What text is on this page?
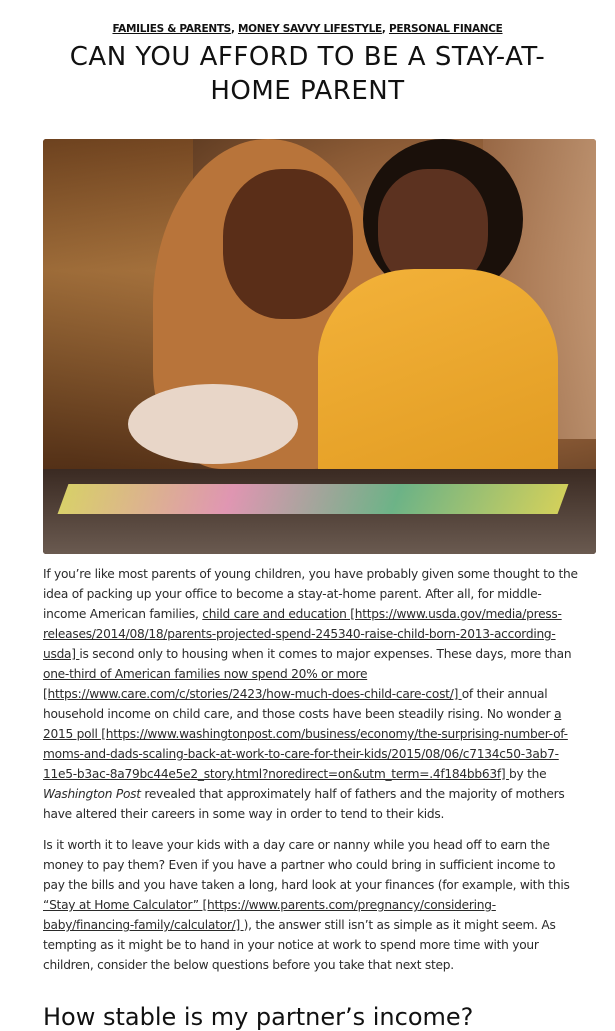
FAMILIES & PARENTS, MONEY SAVVY LIFESTYLE, PERSONAL FINANCE
CAN YOU AFFORD TO BE A STAY-AT-
HOME PARENT
If you’re like most parents of young children, you have probably given some thought to the
idea of packing up your office to become a stay-at-home parent. After all, for middle-
income American families, child care and education [https://www.usda.gov/media/press-
releases/2014/08/18/parents-projected-spend-245340-raise-child-born-2013-according-
usda] is second only to housing when it comes to major expenses. These days, more than
one-third of American families now spend 20% or more
[https://www.care.com/c/stories/2423/how-much-does-child-care-cost/] of their annual
household income on child care, and those costs have been steadily rising. No wonder a
2015 poll [https://www.washingtonpost.com/business/economy/the-surprising-number-of-
moms-and-dads-scaling-back-at-work-to-care-for-their-kids/2015/08/06/c7134c50-3ab7-
11e5-b3ac-8a79bc44e5e2_story.html?noredirect=on&utm_term=.4f184bb63f] by the
Washington Post revealed that approximately half of fathers and the majority of mothers
have altered their careers in some way in order to tend to their kids.
Is it worth it to leave your kids with a day care or nanny while you head off to earn the
money to pay them? Even if you have a partner who could bring in sufficient income to
pay the bills and you have taken a long, hard look at your finances (for example, with this
“Stay at Home Calculator” [https://www.parents.com/pregnancy/considering-
baby/financing-family/calculator/] ), the answer still isn’t as simple as it might seem. As
tempting as it might be to hand in your notice at work to spend more time with your
children, consider the below questions before you take that next step.
How stable is my partner’s income?
